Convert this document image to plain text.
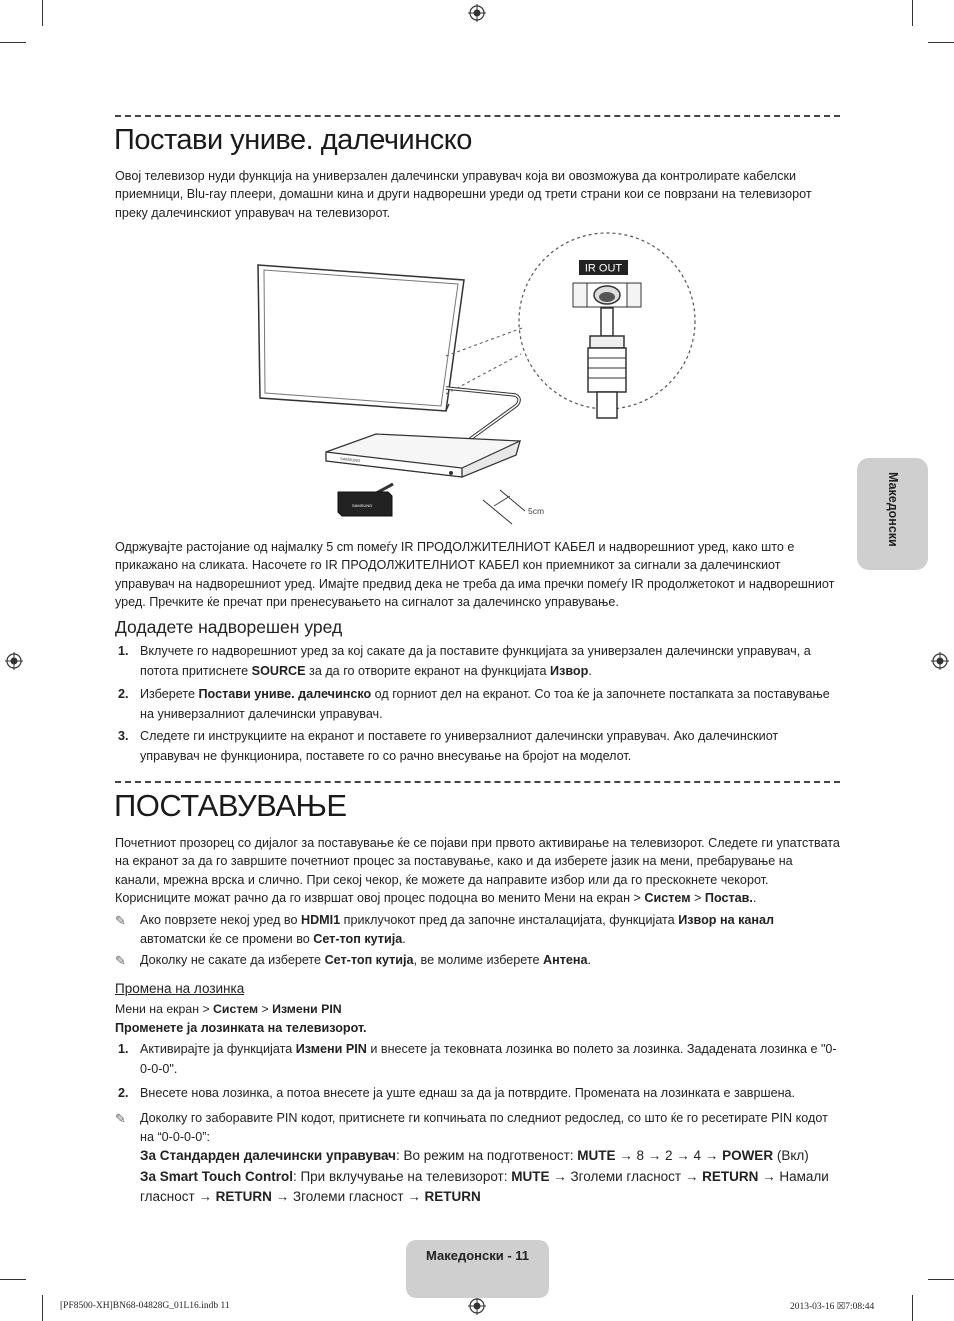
Постави униве. далечинско

Овој телевизор нуди функција на универзален далечински управувач која ви овозможува да контролирате кабелски приемници, Blu-ray плеери, домашни кина и други надворешни уреди од трети страни кои се поврзани на телевизорот преку далечинскиот управувач на телевизорот.

IR OUT
SAMSUNG
SAMSUNG
5cm

Одржувајте растојание од најмалку 5 cm помеѓу IR ПРОДОЛЖИТЕЛНИОТ КАБЕЛ и надворешниот уред, како што е прикажано на сликата. Насочете го IR ПРОДОЛЖИТЕЛНИОТ КАБЕЛ кон приемникот за сигнали за далечинскиот управувач на надворешниот уред. Имајте предвид дека не треба да има пречки помеѓу IR продолжетокот и надворешниот уред. Пречките ќе пречат при пренесувањето на сигналот за далечинско управување.

Додадете надворешен уред
1. Вклучете го надворешниот уред за кој сакате да ја поставите функцијата за универзален далечински управувач, а потота притиснете SOURCE за да го отворите екранот на функцијата Извор.
2. Изберете Постави униве. далечинско од горниот дел на екранот. Со тоа ќе ја започнете постапката за поставување на универзалниот далечински управувач.
3. Следете ги инструкциите на екранот и поставете го универзалниот далечински управувач. Ако далечинскиот управувач не функционира, поставете го со рачно внесување на бројот на моделот.
ПОСТАВУВАЊЕ

Почетниот прозорец со дијалог за поставување ќе се појави при првото активирање на телевизорот. Следете ги упатствата на екранот за да го завршите почетниот процес за поставување, како и да изберете јазик на мени, пребарување на канали, мрежна врска и слично. При секој чекор, ќе можете да направите избор или да го прескокнете чекорот. Корисниците можат рачно да го извршат овој процес подоцна во менито Мени на екран > Систем > Постав..

✎ Ако поврзете некој уред во HDMI1 приклучокот пред да започне инсталацијата, функцијата Извор на канал автоматски ќе се промени во Сет-топ кутија.
✎ Доколку не сакате да изберете Сет-топ кутија, ве молиме изберете Антена.
Промена на лозинка
Мени на екран > Систем > Измени PIN
Променете ја лозинката на телевизорот.
1. Активирајте ја функцијата Измени PIN и внесете ја тековната лозинка во полето за лозинка. Зададената лозинка е "0-0-0-0".
2. Внесете нова лозинка, а потоа внесете ја уште еднаш за да ја потврдите. Промената на лозинката е завршена.
✎ Доколку го заборавите PIN кодот, притиснете ги копчињата по следниот редослед, со што ќе го ресетирате PIN кодот на “0-0-0-0”:
За Стандарден далечински управувач: Во режим на подготвеност: MUTE → 8 → 2 → 4 → POWER (Вкл)
За Smart Touch Control: При вклучување на телевизорот: MUTE → Зголеми гласност → RETURN → Намали гласност → RETURN → Зголеми гласност → RETURN
Македонски
Македонски - 11
[PF8500-XH]BN68-04828G_01L16.indb 11	2013-03-16 ☒7:08:44
